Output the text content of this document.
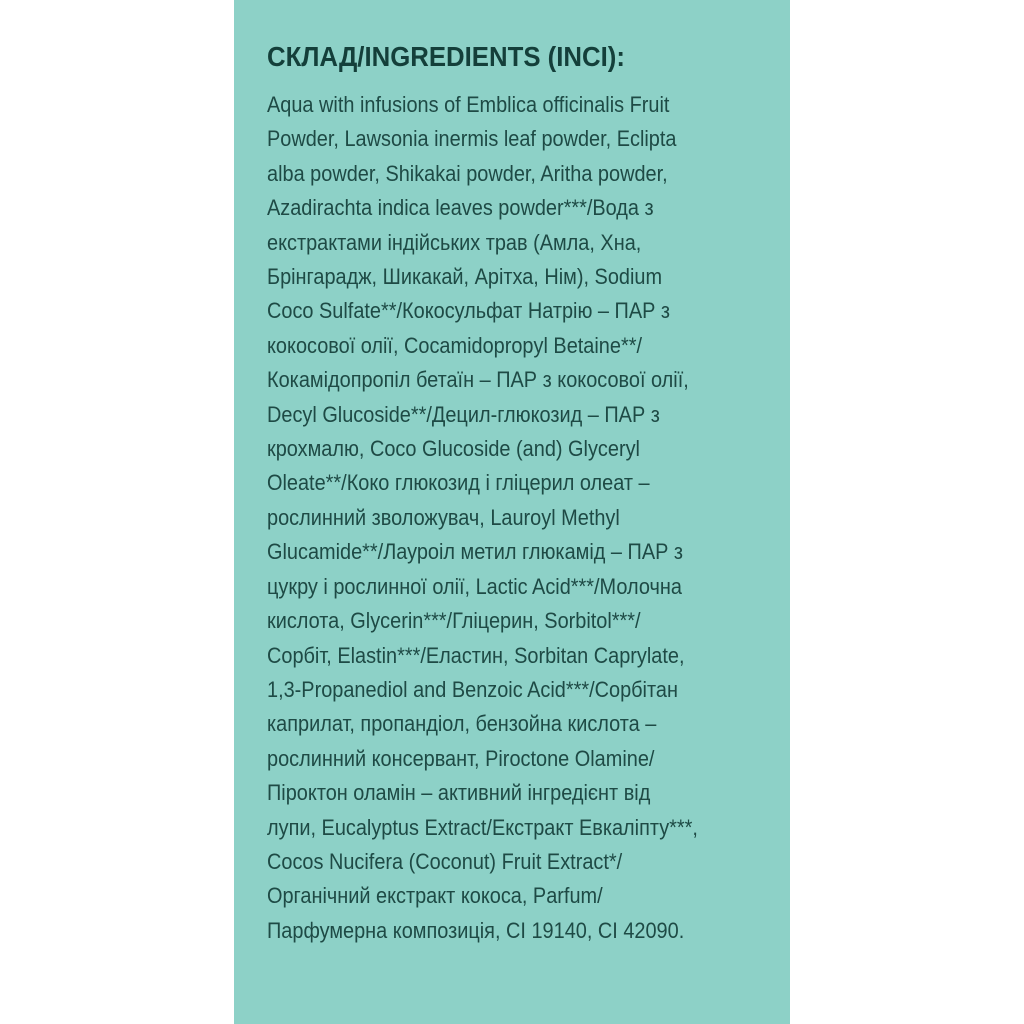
СКЛАД/INGREDIENTS (INCI):

Aqua with infusions of Emblica officinalis Fruit
Powder, Lawsonia inermis leaf powder, Eclipta
alba powder, Shikakai powder, Aritha powder,
Azadirachta indica leaves powder***/Вода з
екстрактами індійських трав (Амла, Хна,
Брінгарадж, Шикакай, Арітха, Нім), Sodium
Coco Sulfate**/Кокосульфат Натрію – ПАР з
кокосової олії, Cocamidopropyl Betaine**/
Кокамідопропіл бетаїн – ПАР з кокосової олії,
Decyl Glucoside**/Децил-глюкозид – ПАР з
крохмалю, Coco Glucoside (and) Glyceryl
Oleate**/Коко глюкозид і гліцерил олеат –
рослинний зволожувач, Lauroyl Methyl
Glucamide**/Лауроіл метил глюкамід – ПАР з
цукру і рослинної олії, Lactic Acid***/Молочна
кислота, Glycerin***/Гліцерин, Sorbitol***/
Сорбіт, Elastin***/Еластин, Sorbitan Caprylate,
1,3-Propanediol and Benzoic Acid***/Сорбітан
каприлат, пропандіол, бензойна кислота –
рослинний консервант, Piroctone Olamine/
Піроктон оламін – активний інгредієнт від
лупи, Eucalyptus Extract/Екстракт Евкаліпту***,
Cocos Nucifera (Coconut) Fruit Extract*/
Органічний екстракт кокоса, Parfum/
Парфумерна композиція, CI 19140, CI 42090.
